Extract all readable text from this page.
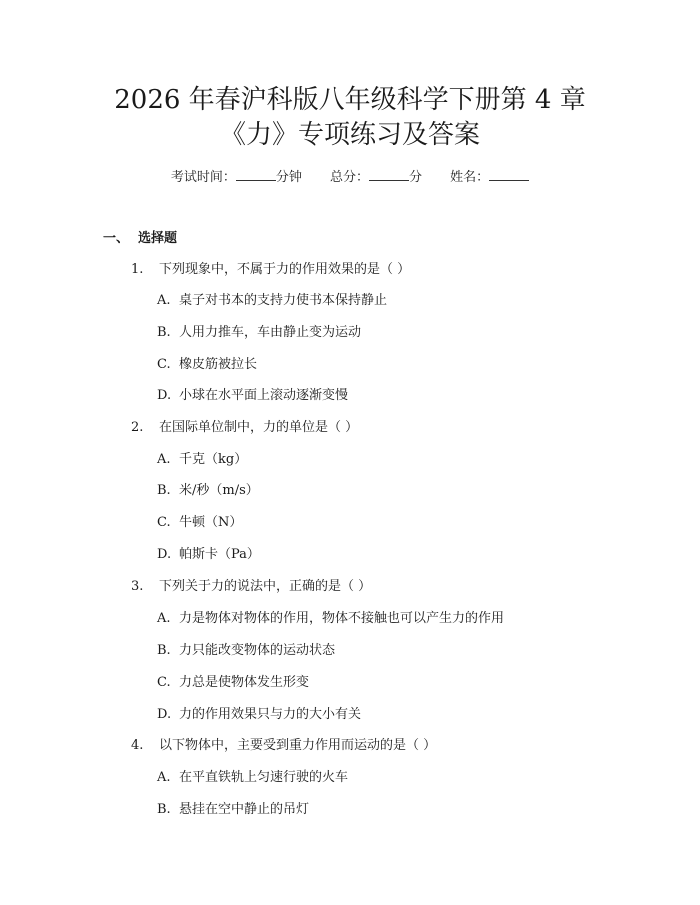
2026 年春沪科版八年级科学下册第 4 章
《力》专项练习及答案
考试时间：	分钟 总分：	分 姓名：
一、 选择题
1. 下列现象中，不属于力的作用效果的是（ ）
A. 桌子对书本的支持力使书本保持静止
B. 人用力推车，车由静止变为运动
C. 橡皮筋被拉长
D. 小球在水平面上滚动逐渐变慢
2. 在国际单位制中，力的单位是（ ）
A. 千克（kg）
B. 米/秒（m/s）
C. 牛顿（N）
D. 帕斯卡（Pa）
3. 下列关于力的说法中，正确的是（ ）
A. 力是物体对物体的作用，物体不接触也可以产生力的作用
B. 力只能改变物体的运动状态
C. 力总是使物体发生形变
D. 力的作用效果只与力的大小有关
4. 以下物体中，主要受到重力作用而运动的是（ ）
A. 在平直铁轨上匀速行驶的火车
B. 悬挂在空中静止的吊灯
